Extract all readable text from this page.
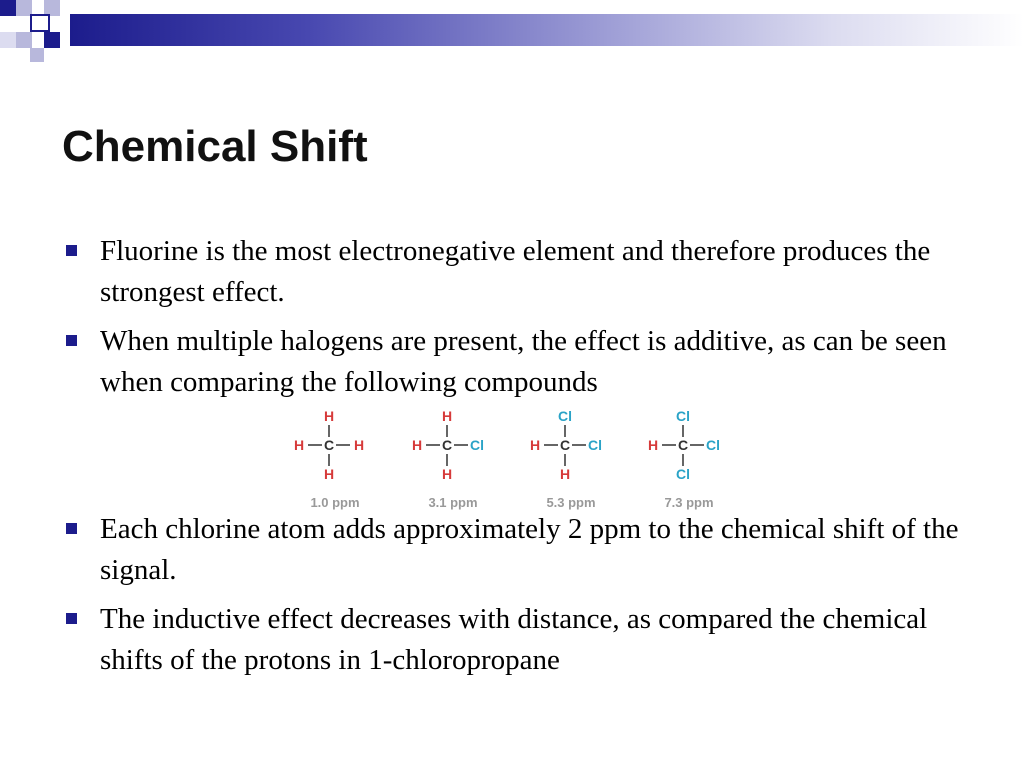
Chemical Shift
Fluorine is the most electronegative element and therefore produces the strongest effect.
When multiple halogens are present, the effect is additive, as can be seen when comparing the following compounds
H
H	C	H
H
1.0 ppm
H
H	C	Cl
H
3.1 ppm
Cl
H	C	Cl
H
5.3 ppm
Cl
H	C	Cl
Cl
7.3 ppm
Each chlorine atom adds approximately 2 ppm to the chemical shift of the signal.
The inductive effect decreases with distance, as compared the chemical shifts of the protons in 1-chloropropane
